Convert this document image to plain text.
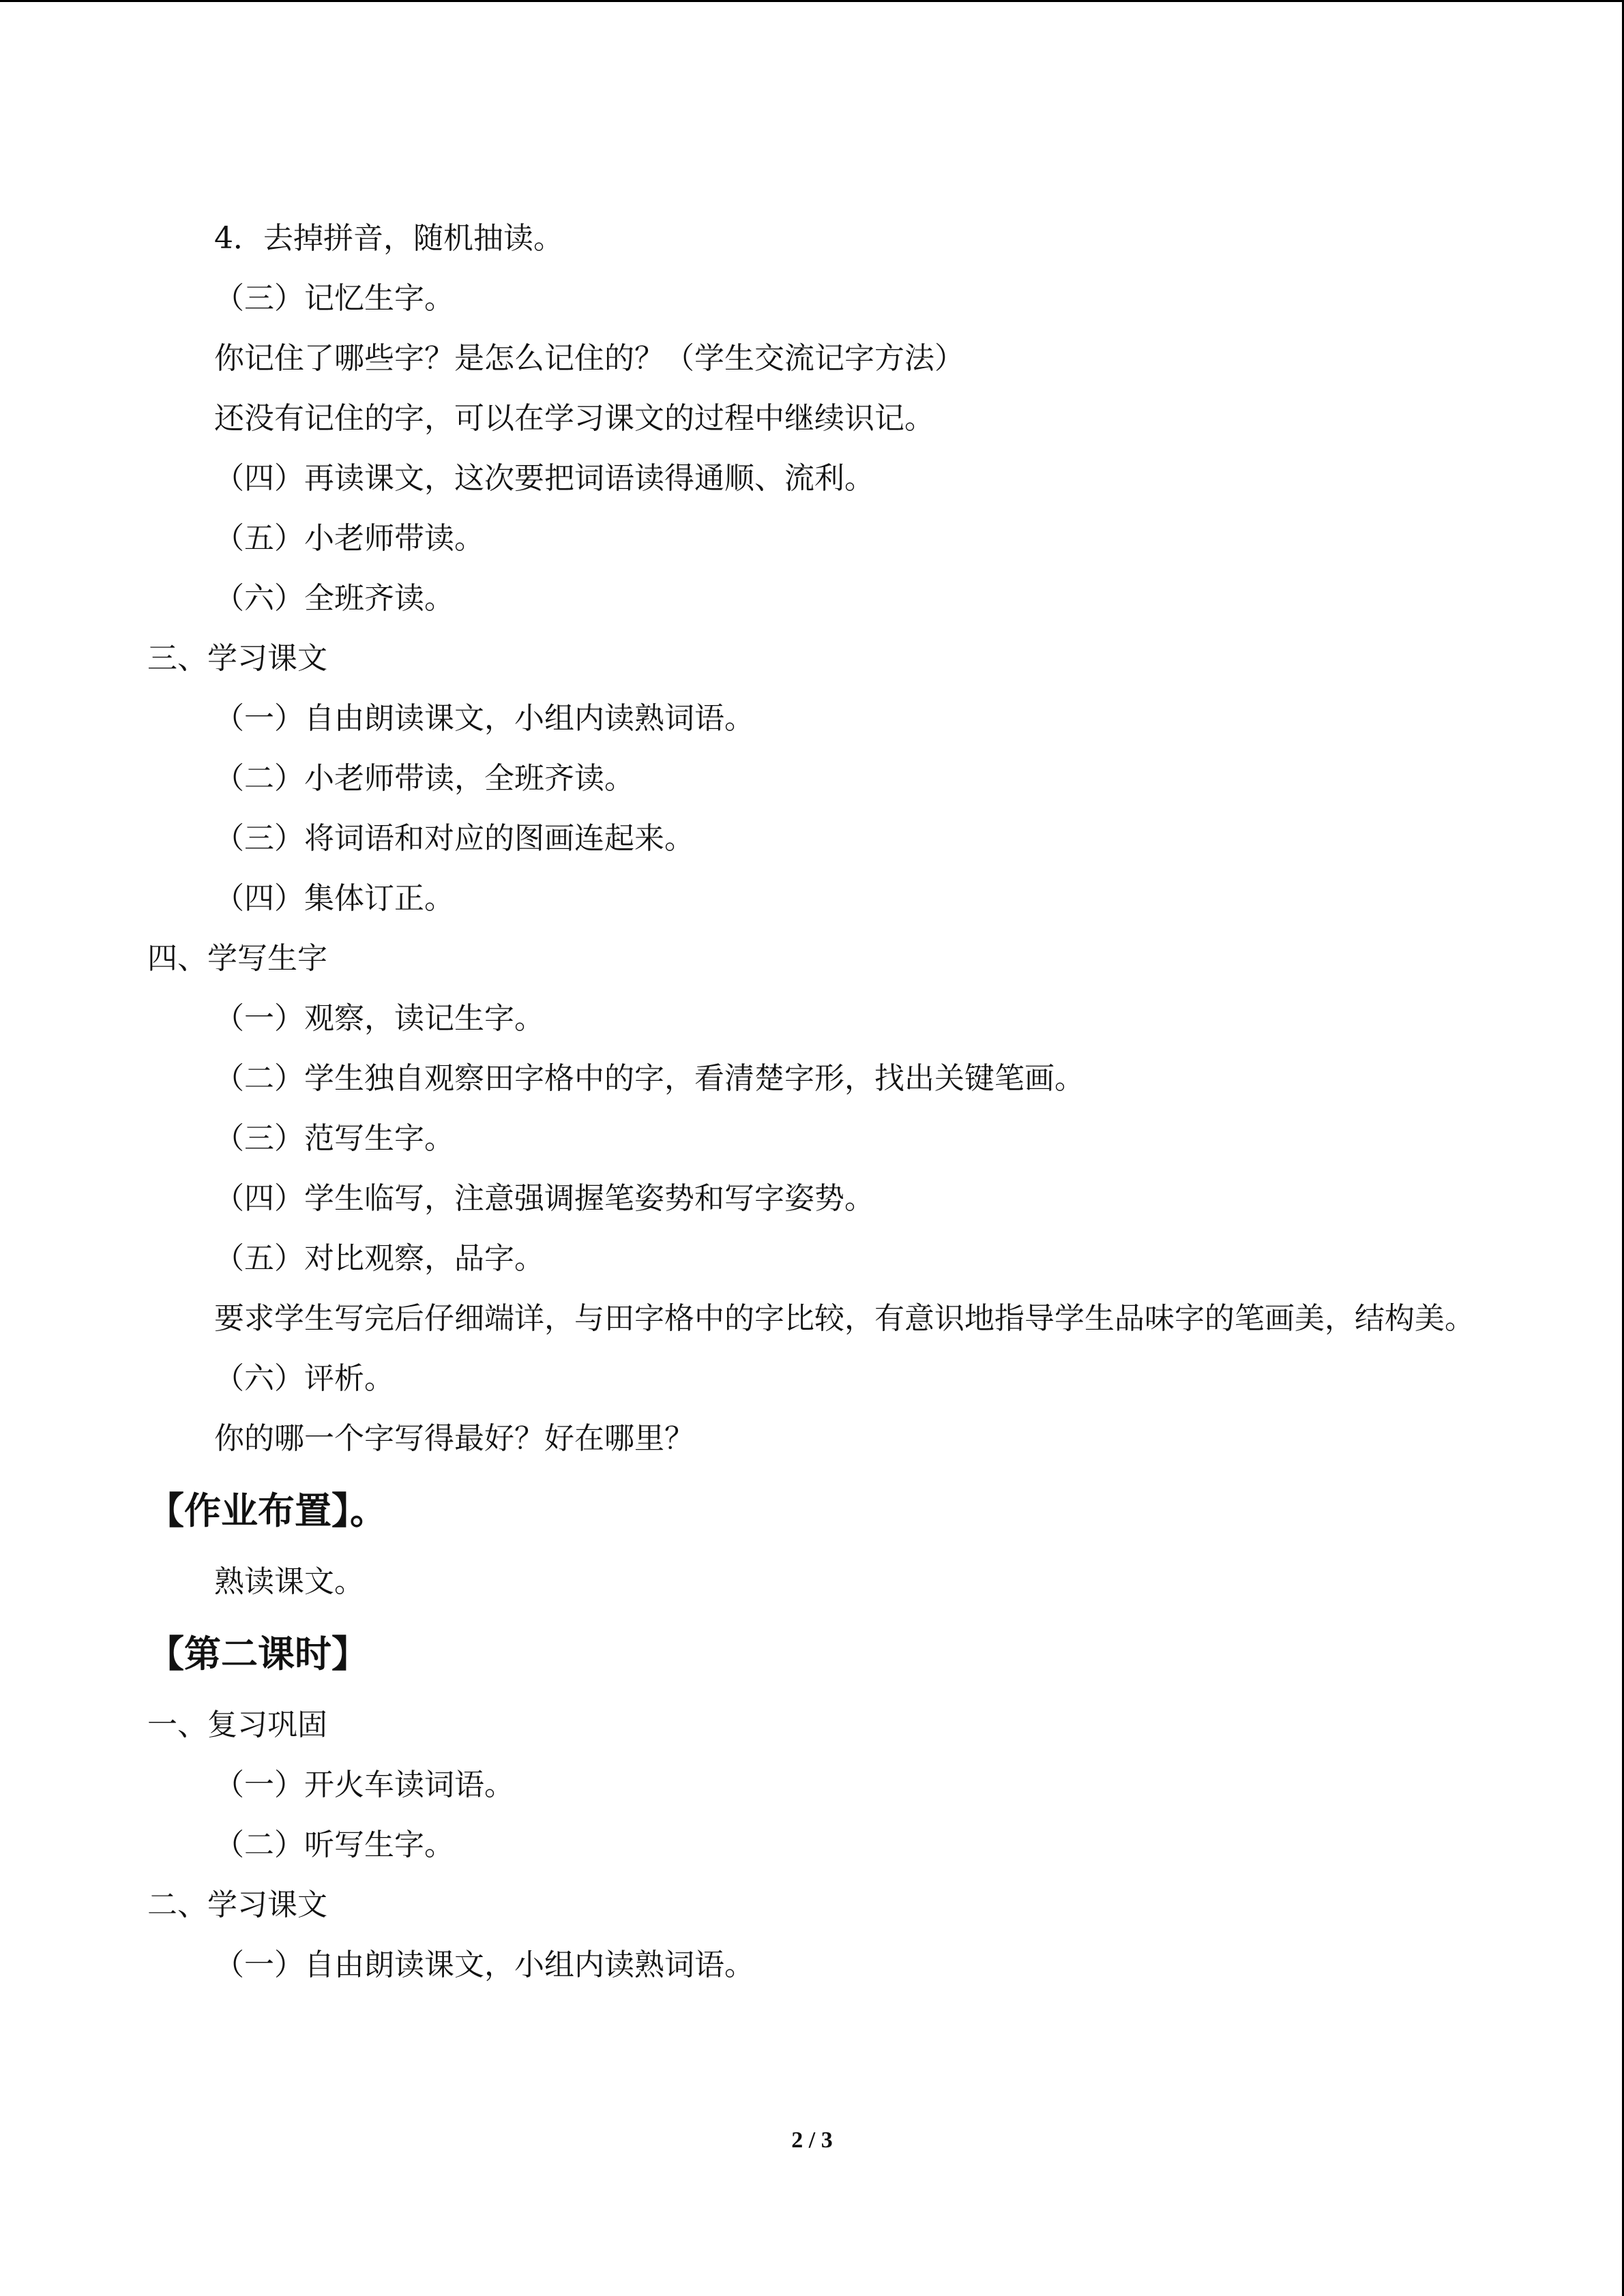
4．去掉拼音，随机抽读。
（三）记忆生字。
你记住了哪些字？是怎么记住的？（学生交流记字方法）
还没有记住的字，可以在学习课文的过程中继续识记。
（四）再读课文，这次要把词语读得通顺、流利。
（五）小老师带读。
（六）全班齐读。
三、学习课文
（一）自由朗读课文，小组内读熟词语。
（二）小老师带读，全班齐读。
（三）将词语和对应的图画连起来。
（四）集体订正。
四、学写生字
（一）观察，读记生字。
（二）学生独自观察田字格中的字，看清楚字形，找出关键笔画。
（三）范写生字。
（四）学生临写，注意强调握笔姿势和写字姿势。
（五）对比观察，品字。
要求学生写完后仔细端详，与田字格中的字比较，有意识地指导学生品味字的笔画美，结构美。
（六）评析。
你的哪一个字写得最好？好在哪里？
【作业布置】。
熟读课文。
【第二课时】
一、复习巩固
（一）开火车读词语。
（二）听写生字。
二、学习课文
（一）自由朗读课文，小组内读熟词语。
2 / 3
